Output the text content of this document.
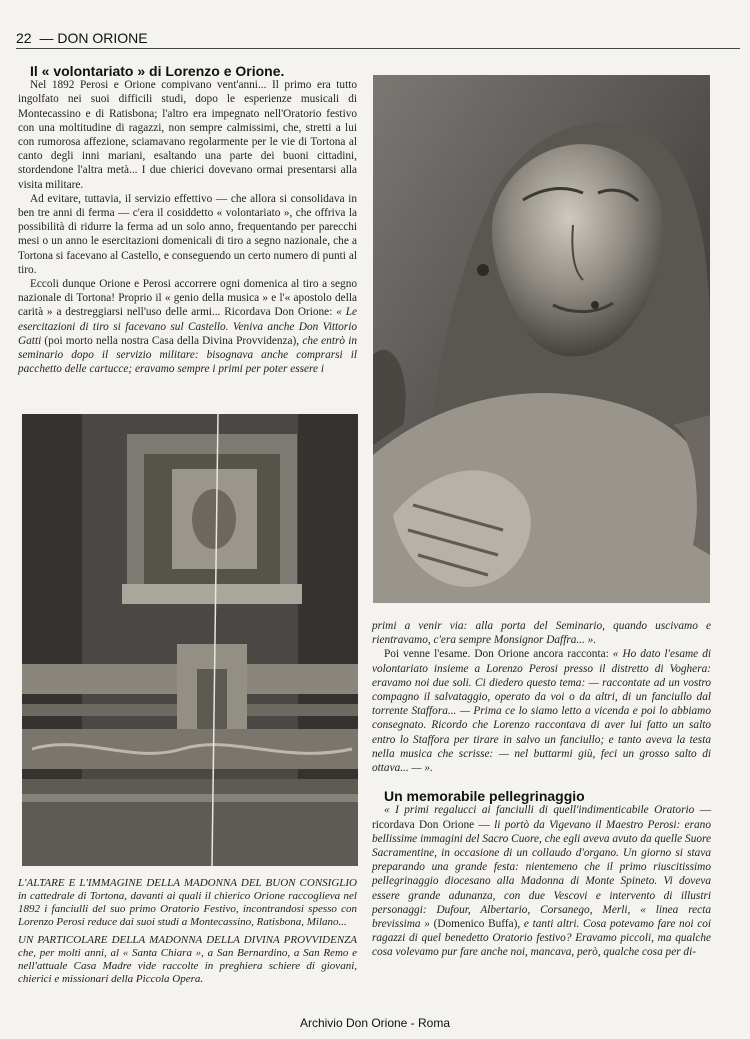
22 — DON ORIONE

Il « volontariato » di Lorenzo e Orione.

Nel 1892 Perosi e Orione compivano vent'anni... Il primo era tutto ingolfato nei suoi difficili studi, dopo le esperienze musicali di Montecassino e di Ratisbona; l'altro era impegnato nell'Oratorio festivo con una moltitudine di ragazzi, non sempre calmissimi, che, stretti a lui con rumorosa affezione, sciamavano regolarmente per le vie di Tortona al canto degli inni mariani, esaltando una parte dei buoni cittadini, stordendone l'altra metà... I due chierici dovevano ormai presentarsi alla visita militare.

Ad evitare, tuttavia, il servizio effettivo — che allora si consolidava in ben tre anni di ferma — c'era il cosiddetto « volontariato », che offriva la possibilità di ridurre la ferma ad un solo anno, frequentando per parecchi mesi o un anno le esercitazioni domenicali di tiro a segno nazionale, che a Tortona si facevano al Castello, e conseguendo un certo numero di punti al tiro.

Eccoli dunque Orione e Perosi accorrere ogni domenica al tiro a segno nazionale di Tortona! Proprio il « genio della musica » e l'« apostolo della carità » a destreggiarsi nell'uso delle armi... Ricordava Don Orione: « Le esercitazioni di tiro si facevano sul Castello. Veniva anche Don Vittorio Gatti (poi morto nella nostra Casa della Divina Provvidenza), che entrò in seminario dopo il servizio militare: bisognava anche comprarsi il pacchetto delle cartucce; eravamo sempre i primi per poter essere i

L'ALTARE E L'IMMAGINE DELLA MADONNA DEL BUON CONSIGLIO in cattedrale di Tortona, davanti ai quali il chierico Orione raccoglieva nel 1892 i fanciulli del suo primo Oratorio Festivo, incontrandosi spesso con Lorenzo Perosi reduce dai suoi studi a Montecassino, Ratisbona, Milano...

UN PARTICOLARE DELLA MADONNA DELLA DIVINA PROVVIDENZA che, per molti anni, al « Santa Chiara », a San Bernardino, a San Remo e nell'attuale Casa Madre vide raccolte in preghiera schiere di giovani, chierici e missionari della Piccola Opera.

primi a venir via: alla porta del Seminario, quando uscivamo e rientravamo, c'era sempre Monsignor Daffra... ».

Poi venne l'esame. Don Orione ancora racconta: « Ho dato l'esame di volontariato insieme a Lorenzo Perosi presso il distretto di Voghera: eravamo noi due soli. Ci diedero questo tema: — raccontate ad un vostro compagno il salvataggio, operato da voi o da altri, di un fanciullo dal torrente Staffora... — Prima ce lo siamo letto a vicenda e poi lo abbiamo consegnato. Ricordo che Lorenzo raccontava di aver lui fatto un salto entro lo Staffora per tirare in salvo un fanciullo; e tanto aveva la testa nella musica che scrisse: — nel buttarmi giù, feci un grosso salto di ottava... — ».

Un memorabile pellegrinaggio

« I primi regalucci ai fanciulli di quell'indimenticabile Oratorio — ricordava Don Orione — li portò da Vigevano il Maestro Perosi: erano bellissime immagini del Sacro Cuore, che egli aveva avuto da quelle Suore Sacramentine, in occasione di un collaudo d'organo. Un giorno si stava preparando una grande festa: nientemeno che il primo riuscitissimo pellegrinaggio diocesano alla Madonna di Monte Spineto. Vi doveva essere grande adunanza, con due Vescovi e intervento di illustri personaggi: Dufour, Albertario, Corsanego, Merli, « linea recta brevissima » (Domenico Buffa), e tanti altri. Cosa potevamo fare noi coi ragazzi di quel benedetto Oratorio festivo? Eravamo piccoli, ma qualche cosa volevamo pur fare anche noi, mancava, però, qualche cosa per di-

Archivio Don Orione - Roma
